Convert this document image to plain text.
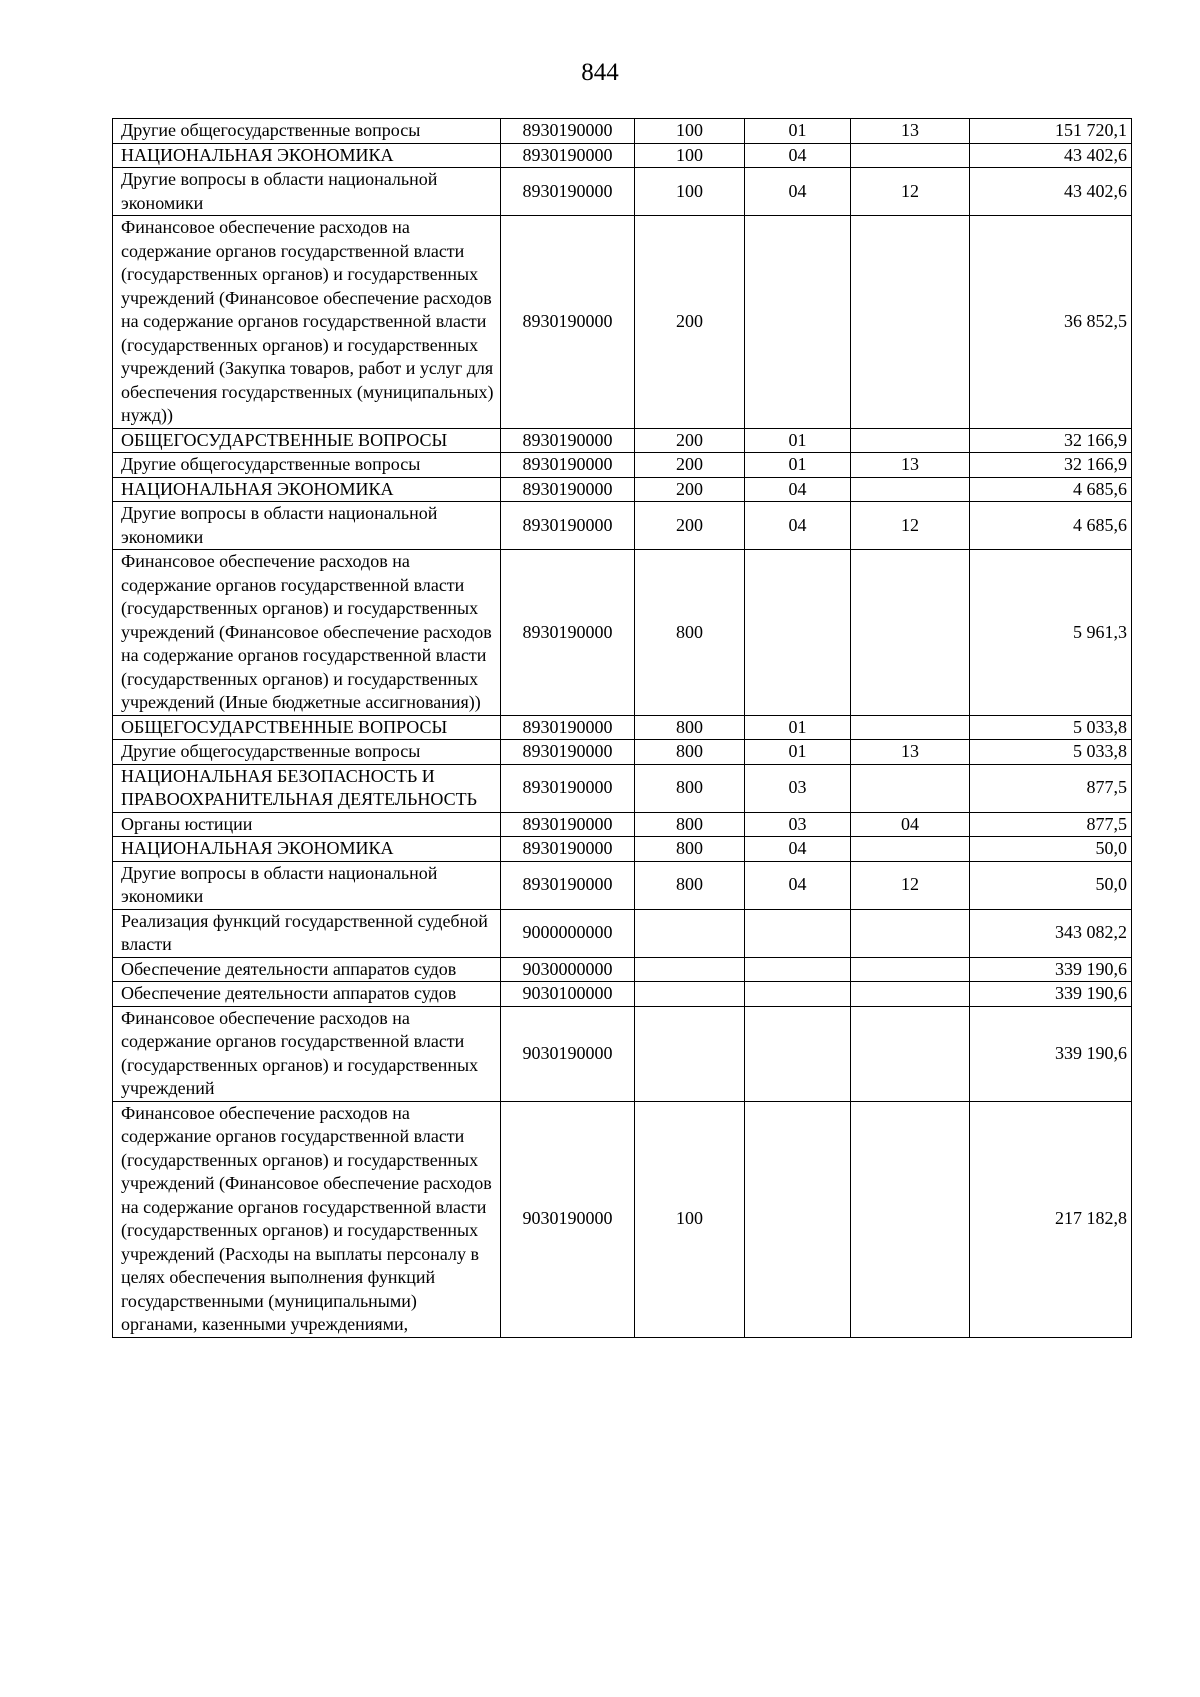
844
Другие общегосударственные вопросы	8930190000	100	01	13	151 720,1
НАЦИОНАЛЬНАЯ ЭКОНОМИКА	8930190000	100	04		43 402,6
Другие вопросы в области национальной экономики	8930190000	100	04	12	43 402,6
Финансовое обеспечение расходов на содержание органов государственной власти (государственных органов) и государственных учреждений (Финансовое обеспечение расходов на содержание органов государственной власти (государственных органов) и государственных учреждений (Закупка товаров, работ и услуг для обеспечения государственных (муниципальных) нужд))	8930190000	200			36 852,5
ОБЩЕГОСУДАРСТВЕННЫЕ ВОПРОСЫ	8930190000	200	01		32 166,9
Другие общегосударственные вопросы	8930190000	200	01	13	32 166,9
НАЦИОНАЛЬНАЯ ЭКОНОМИКА	8930190000	200	04		4 685,6
Другие вопросы в области национальной экономики	8930190000	200	04	12	4 685,6
Финансовое обеспечение расходов на содержание органов государственной власти (государственных органов) и государственных учреждений (Финансовое обеспечение расходов на содержание органов государственной власти (государственных органов) и государственных учреждений (Иные бюджетные ассигнования))	8930190000	800			5 961,3
ОБЩЕГОСУДАРСТВЕННЫЕ ВОПРОСЫ	8930190000	800	01		5 033,8
Другие общегосударственные вопросы	8930190000	800	01	13	5 033,8
НАЦИОНАЛЬНАЯ БЕЗОПАСНОСТЬ И ПРАВООХРАНИТЕЛЬНАЯ ДЕЯТЕЛЬНОСТЬ	8930190000	800	03		877,5
Органы юстиции	8930190000	800	03	04	877,5
НАЦИОНАЛЬНАЯ ЭКОНОМИКА	8930190000	800	04		50,0
Другие вопросы в области национальной экономики	8930190000	800	04	12	50,0
Реализация функций государственной судебной власти	9000000000				343 082,2
Обеспечение деятельности аппаратов судов	9030000000				339 190,6
Обеспечение деятельности аппаратов судов	9030100000				339 190,6
Финансовое обеспечение расходов на содержание органов государственной власти (государственных органов) и государственных учреждений	9030190000				339 190,6
Финансовое обеспечение расходов на содержание органов государственной власти (государственных органов) и государственных учреждений (Финансовое обеспечение расходов на содержание органов государственной власти (государственных органов) и государственных учреждений (Расходы на выплаты персоналу в целях обеспечения выполнения функций государственными (муниципальными) органами, казенными учреждениями,	9030190000	100			217 182,8
